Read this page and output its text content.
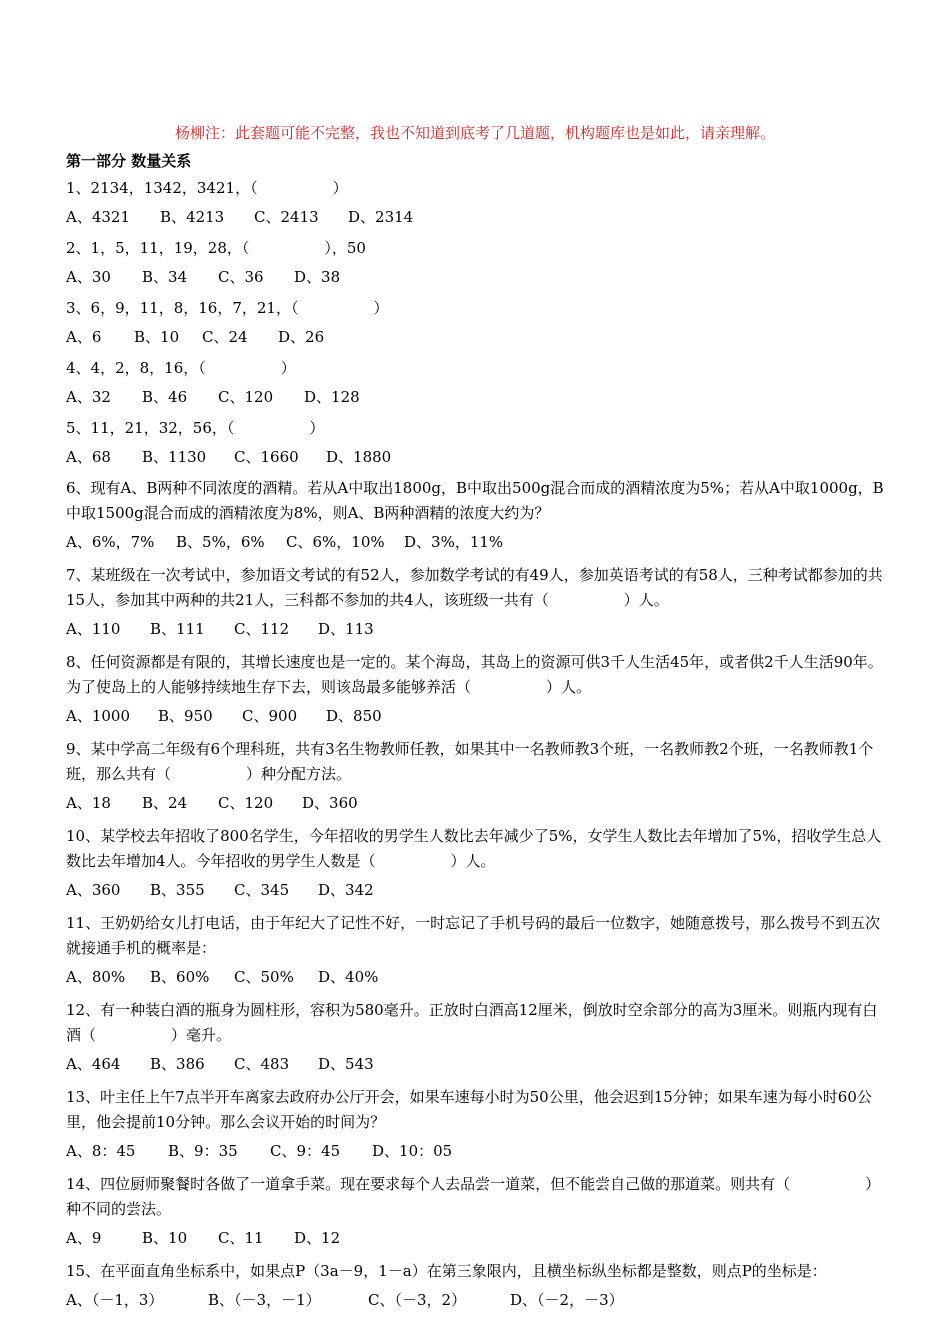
杨柳注：此套题可能不完整，我也不知道到底考了几道题，机构题库也是如此，请亲理解。
第一部分 数量关系
1、2134，1342，3421，（　　　　　）
A、4321 B、4213 C、2413 D、2314
2、1，5，11，19，28，（　　　　　），50
A、30 B、34 C、36 D、38
3、6，9，11，8，16，7，21，（　　　　　）
A、6 B、10 C、24 D、26
4、4，2，8，16，（　　　　　）
A、32 B、46 C、120 D、128
5、11，21，32，56，（　　　　　）
A、68 B、1130 C、1660 D、1880
6、现有A、B两种不同浓度的酒精。若从A中取出1800g，B中取出500g混合而成的酒精浓度为5%；若从A中取1000g，B中取1500g混合而成的酒精浓度为8%，则A、B两种酒精的浓度大约为？
A、6%，7% B、5%，6% C、6%，10% D、3%，11%
7、某班级在一次考试中，参加语文考试的有52人，参加数学考试的有49人，参加英语考试的有58人，三种考试都参加的共15人，参加其中两种的共21人，三科都不参加的共4人，该班级一共有（　　　　　）人。
A、110 B、111 C、112 D、113
8、任何资源都是有限的，其增长速度也是一定的。某个海岛，其岛上的资源可供3千人生活45年，或者供2千人生活90年。为了使岛上的人能够持续地生存下去，则该岛最多能够养活（　　　　　）人。
A、1000 B、950 C、900 D、850
9、某中学高二年级有6个理科班，共有3名生物教师任教，如果其中一名教师教3个班，一名教师教2个班，一名教师教1个班，那么共有（　　　　　）种分配方法。
A、18 B、24 C、120 D、360
10、某学校去年招收了800名学生，今年招收的男学生人数比去年减少了5%，女学生人数比去年增加了5%，招收学生总人数比去年增加4人。今年招收的男学生人数是（　　　　　）人。
A、360 B、355 C、345 D、342
11、王奶奶给女儿打电话，由于年纪大了记性不好，一时忘记了手机号码的最后一位数字，她随意拨号，那么拨号不到五次就接通手机的概率是：
A、80% B、60% C、50% D、40%
12、有一种装白酒的瓶身为圆柱形，容积为580毫升。正放时白酒高12厘米，倒放时空余部分的高为3厘米。则瓶内现有白酒（　　　　　）毫升。
A、464 B、386 C、483 D、543
13、叶主任上午7点半开车离家去政府办公厅开会，如果车速每小时为50公里，他会迟到15分钟；如果车速为每小时60公里，他会提前10分钟。那么会议开始的时间为？
A、8：45 B、9：35 C、9：45 D、10：05
14、四位厨师聚餐时各做了一道拿手菜。现在要求每个人去品尝一道菜，但不能尝自己做的那道菜。则共有（　　　　　）种不同的尝法。
A、9	B、10 C、11 D、12
15、在平面直角坐标系中，如果点P（3a－9，1－a）在第三象限内，且横坐标纵坐标都是整数，则点P的坐标是：
A、（－1，3）	B、（－3，－1）	C、（－3，2）	D、（－2，－3）
